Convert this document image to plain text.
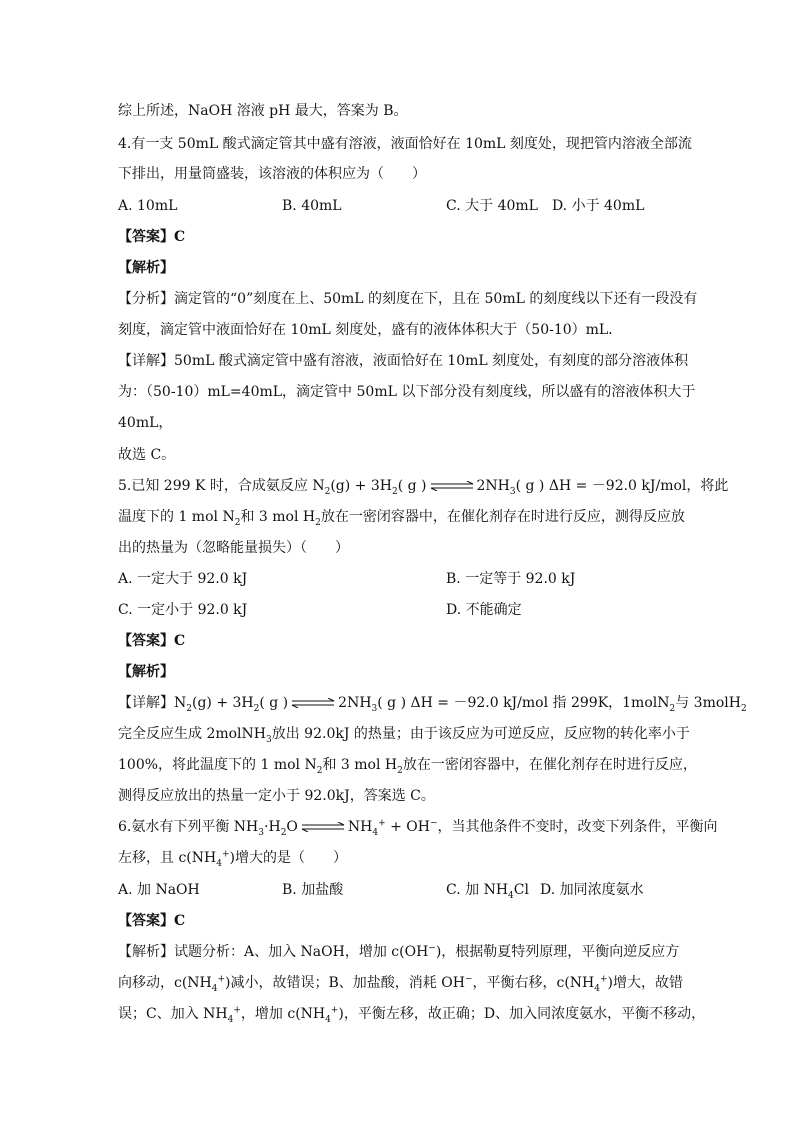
综上所述，NaOH 溶液 pH 最大，答案为 B。
4.有一支 50mL 酸式滴定管其中盛有溶液，液面恰好在 10mL 刻度处，现把管内溶液全部流
下排出，用量筒盛装，该溶液的体积应为（　　）
A. 10mL	B. 40mL	C. 大于 40mL　D. 小于 40mL
【答案】C
【解析】
【分析】滴定管的“0”刻度在上、50mL 的刻度在下，且在 50mL 的刻度线以下还有一段没有
刻度，滴定管中液面恰好在 10mL 刻度处，盛有的液体体积大于（50-10）mL．
【详解】50mL 酸式滴定管中盛有溶液，液面恰好在 10mL 刻度处，有刻度的部分溶液体积
为：（50-10）mL=40mL，滴定管中 50mL 以下部分没有刻度线，所以盛有的溶液体积大于
40mL，
故选 C。
5.已知 299 K 时，合成氨反应 $N_2(g) + 3H_2$( g ) ⇌ $2NH_3$( g ) ΔH = －92.0 kJ/mol，将此
温度下的 1 mol $N_2$和 3 mol $H_2$放在一密闭容器中，在催化剂存在时进行反应，测得反应放
出的热量为（忽略能量损失）（　　）
A. 一定大于 92.0 kJ	B. 一定等于 92.0 kJ
C. 一定小于 92.0 kJ	D. 不能确定
【答案】C
【解析】
【详解】$N_2(g) + 3H_2$( g ) ⇌ $2NH_3$( g ) ΔH = －92.0 kJ/mol 指 299K，1molN$_2$与 3molH$_2$
完全反应生成 2molNH$_3$放出 92.0kJ 的热量；由于该反应为可逆反应，反应物的转化率小于
100%，将此温度下的 1 mol $N_2$和 3 mol $H_2$放在一密闭容器中，在催化剂存在时进行反应，
测得反应放出的热量一定小于 92.0kJ，答案选 C。
6.氨水有下列平衡 $NH_3\cdot H_2O$ ⇌ $NH_4^+ + OH^-$，当其他条件不变时，改变下列条件，平衡向
左移，且 $c(NH_4^+)$增大的是（　　）
A. 加 NaOH	B. 加盐酸	C. 加 $NH_4Cl$ D. 加同浓度氨水
【答案】C
【解析】试题分析：A、加入 NaOH，增加 c(OH−)，根据勒夏特列原理，平衡向逆反应方
向移动，$c(NH_4^+)$减小，故错误；B、加盐酸，消耗 OH−，平衡右移，$c(NH_4^+)$增大，故错
误；C、加入 $NH_4^+$，增加 $c(NH_4^+)$，平衡左移，故正确；D、加入同浓度氨水，平衡不移动，
